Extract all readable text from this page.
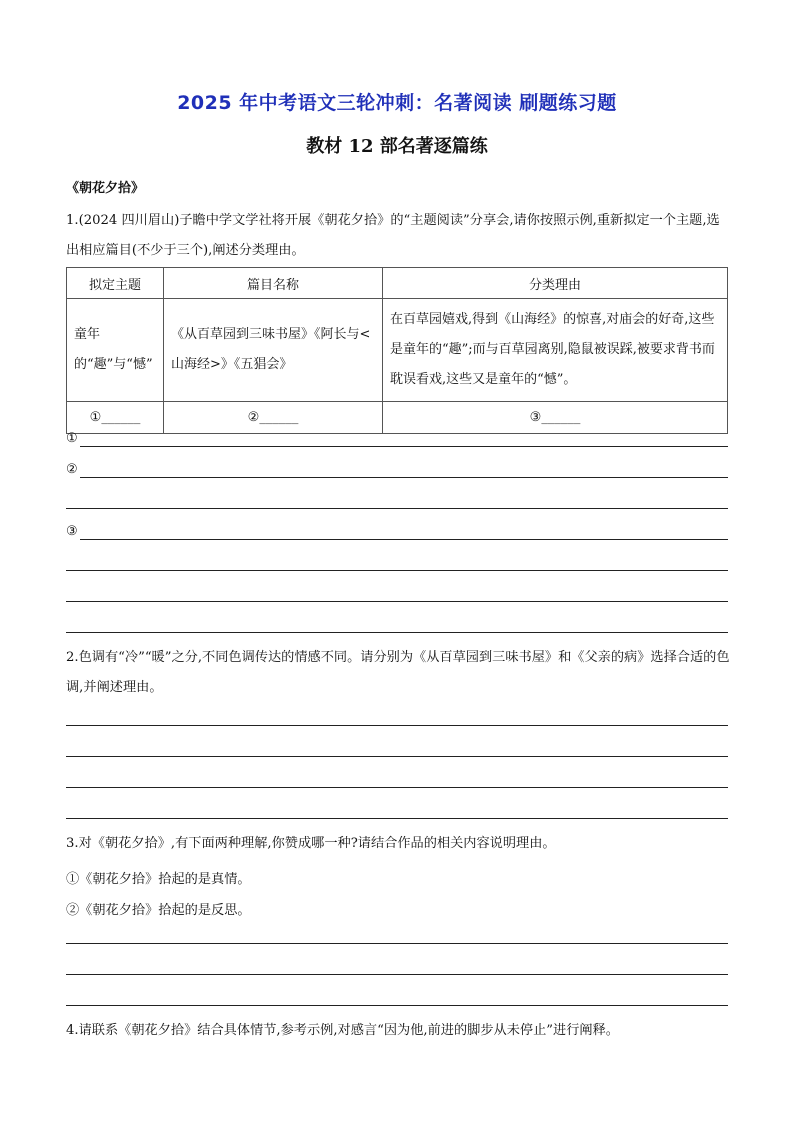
2025 年中考语文三轮冲刺：名著阅读 刷题练习题
教材 12 部名著逐篇练
《朝花夕拾》
1.(2024 四川眉山)子瞻中学文学社将开展《朝花夕拾》的“主题阅读”分享会,请你按照示例,重新拟定一个主题,选出相应篇目(不少于三个),阐述分类理由。
拟定主题	篇目名称	分类理由
童年的“趣”与“憾”	《从百草园到三味书屋》《阿长与<山海经>》《五猖会》	在百草园嬉戏,得到《山海经》的惊喜,对庙会的好奇,这些是童年的“趣”;而与百草园离别,隐鼠被误踩,被要求背书而耽误看戏,这些又是童年的“憾”。
①______	②______	③______
①
②
③
2.色调有“冷”“暖”之分,不同色调传达的情感不同。请分别为《从百草园到三味书屋》和《父亲的病》选择合适的色调,并阐述理由。
3.对《朝花夕拾》,有下面两种理解,你赞成哪一种?请结合作品的相关内容说明理由。
①《朝花夕拾》拾起的是真情。
②《朝花夕拾》拾起的是反思。
4.请联系《朝花夕拾》结合具体情节,参考示例,对感言“因为他,前进的脚步从未停止”进行阐释。
